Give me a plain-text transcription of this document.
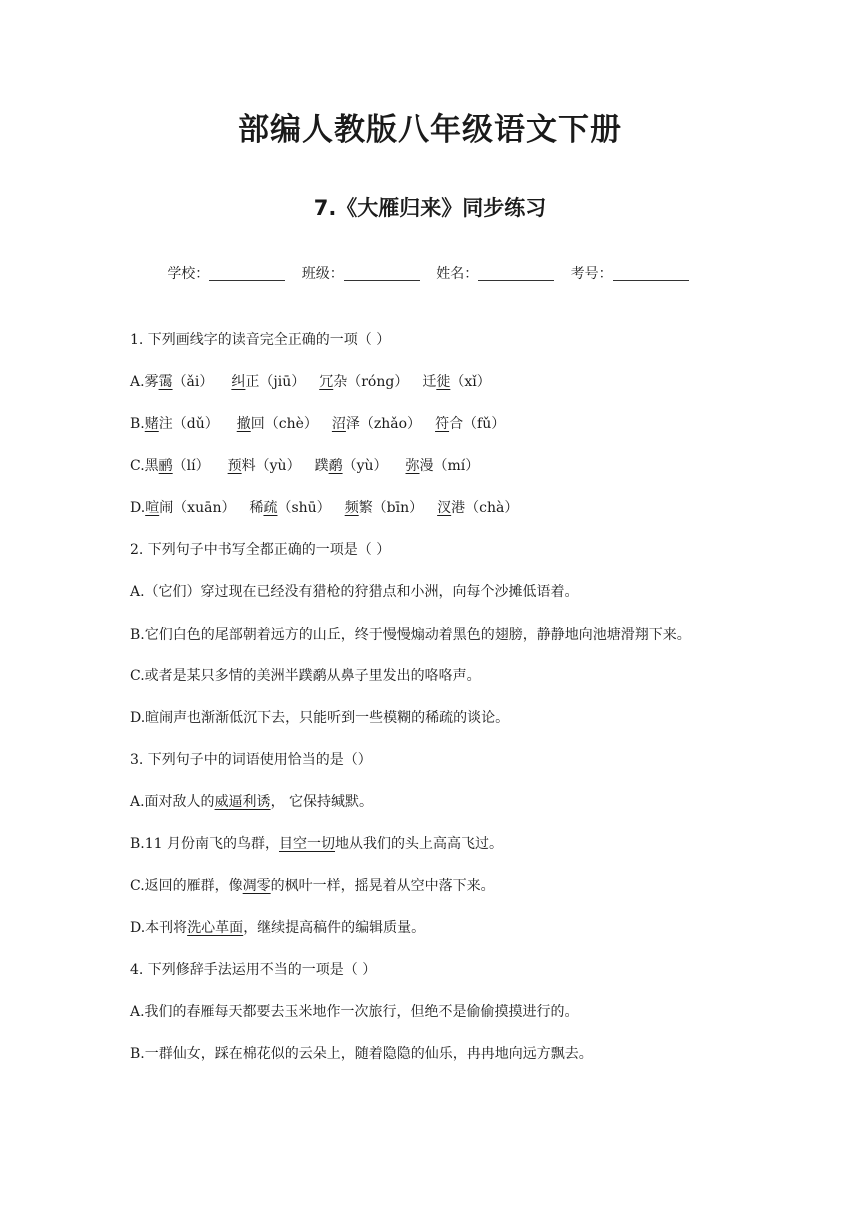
部编人教版八年级语文下册
7.《大雁归来》同步练习
学校：	班级：	姓名：	考号：
1. 下列画线字的读音完全正确的一项（ ）
A.雾霭（ǎi） 纠正（jiū） 冗杂（róng） 迁徙（xǐ）
B.赌注（dǔ） 撤回（chè） 沼泽（zhǎo） 符合（fǔ）
C.黑鹂（lí） 预料（yù） 蹼鹬（yù） 弥漫（mí）
D.喧闹（xuān） 稀疏（shū） 频繁（bīn） 汊港（chà）
2. 下列句子中书写全都正确的一项是（ ）
A.（它们）穿过现在已经没有猎枪的狩猎点和小洲，向每个沙摊低语着。
B.它们白色的尾部朝着远方的山丘，终于慢慢煽动着黑色的翅膀，静静地向池塘滑翔下来。
C.或者是某只多情的美洲半蹼鹬从鼻子里发出的咯咯声。
D.暄闹声也渐渐低沉下去，只能听到一些模糊的稀疏的谈论。
3. 下列句子中的词语使用恰当的是（）
A.面对敌人的威逼利诱， 它保持缄默。
B.11 月份南飞的鸟群，目空一切地从我们的头上高高飞过。
C.返回的雁群，像凋零的枫叶一样，摇晃着从空中落下来。
D.本刊将洗心革面，继续提高稿件的编辑质量。
4. 下列修辞手法运用不当的一项是（ ）
A.我们的春雁每天都要去玉米地作一次旅行，但绝不是偷偷摸摸进行的。
B.一群仙女，踩在棉花似的云朵上，随着隐隐的仙乐，冉冉地向远方飘去。
